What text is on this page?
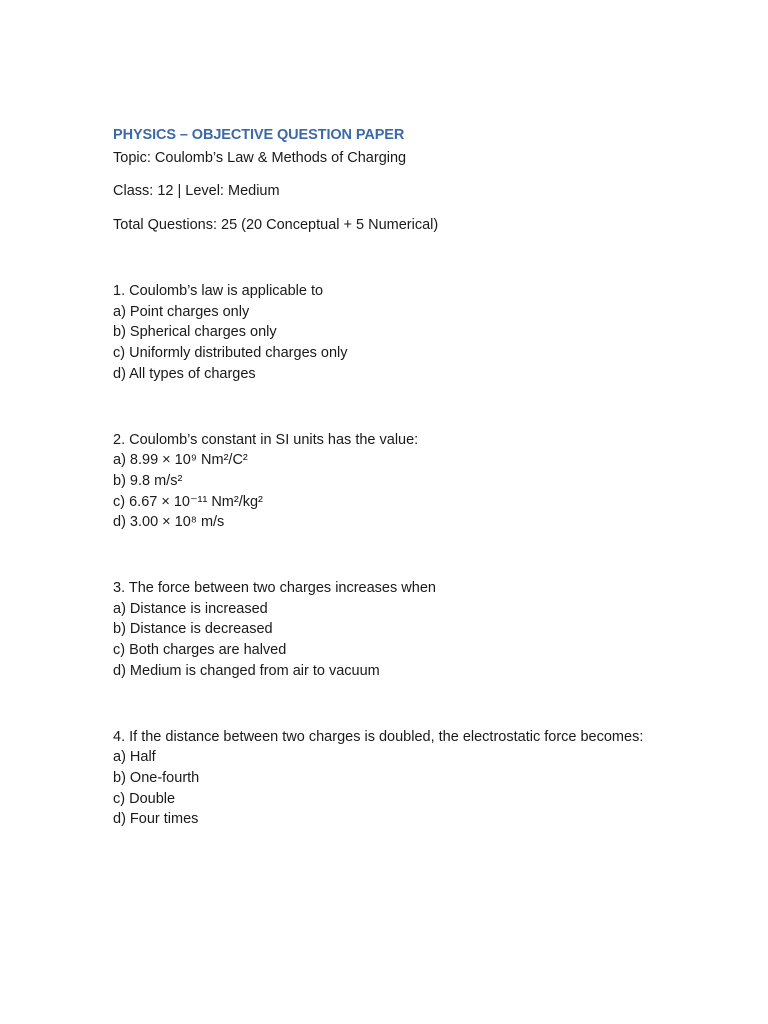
PHYSICS – OBJECTIVE QUESTION PAPER
Topic: Coulomb’s Law & Methods of Charging
Class: 12 | Level: Medium
Total Questions: 25 (20 Conceptual + 5 Numerical)
1. Coulomb’s law is applicable to
a) Point charges only
b) Spherical charges only
c) Uniformly distributed charges only
d) All types of charges
2. Coulomb’s constant in SI units has the value:
a) 8.99 × 10⁹ Nm²/C²
b) 9.8 m/s²
c) 6.67 × 10⁻¹¹ Nm²/kg²
d) 3.00 × 10⁸ m/s
3. The force between two charges increases when
a) Distance is increased
b) Distance is decreased
c) Both charges are halved
d) Medium is changed from air to vacuum
4. If the distance between two charges is doubled, the electrostatic force becomes:
a) Half
b) One-fourth
c) Double
d) Four times
